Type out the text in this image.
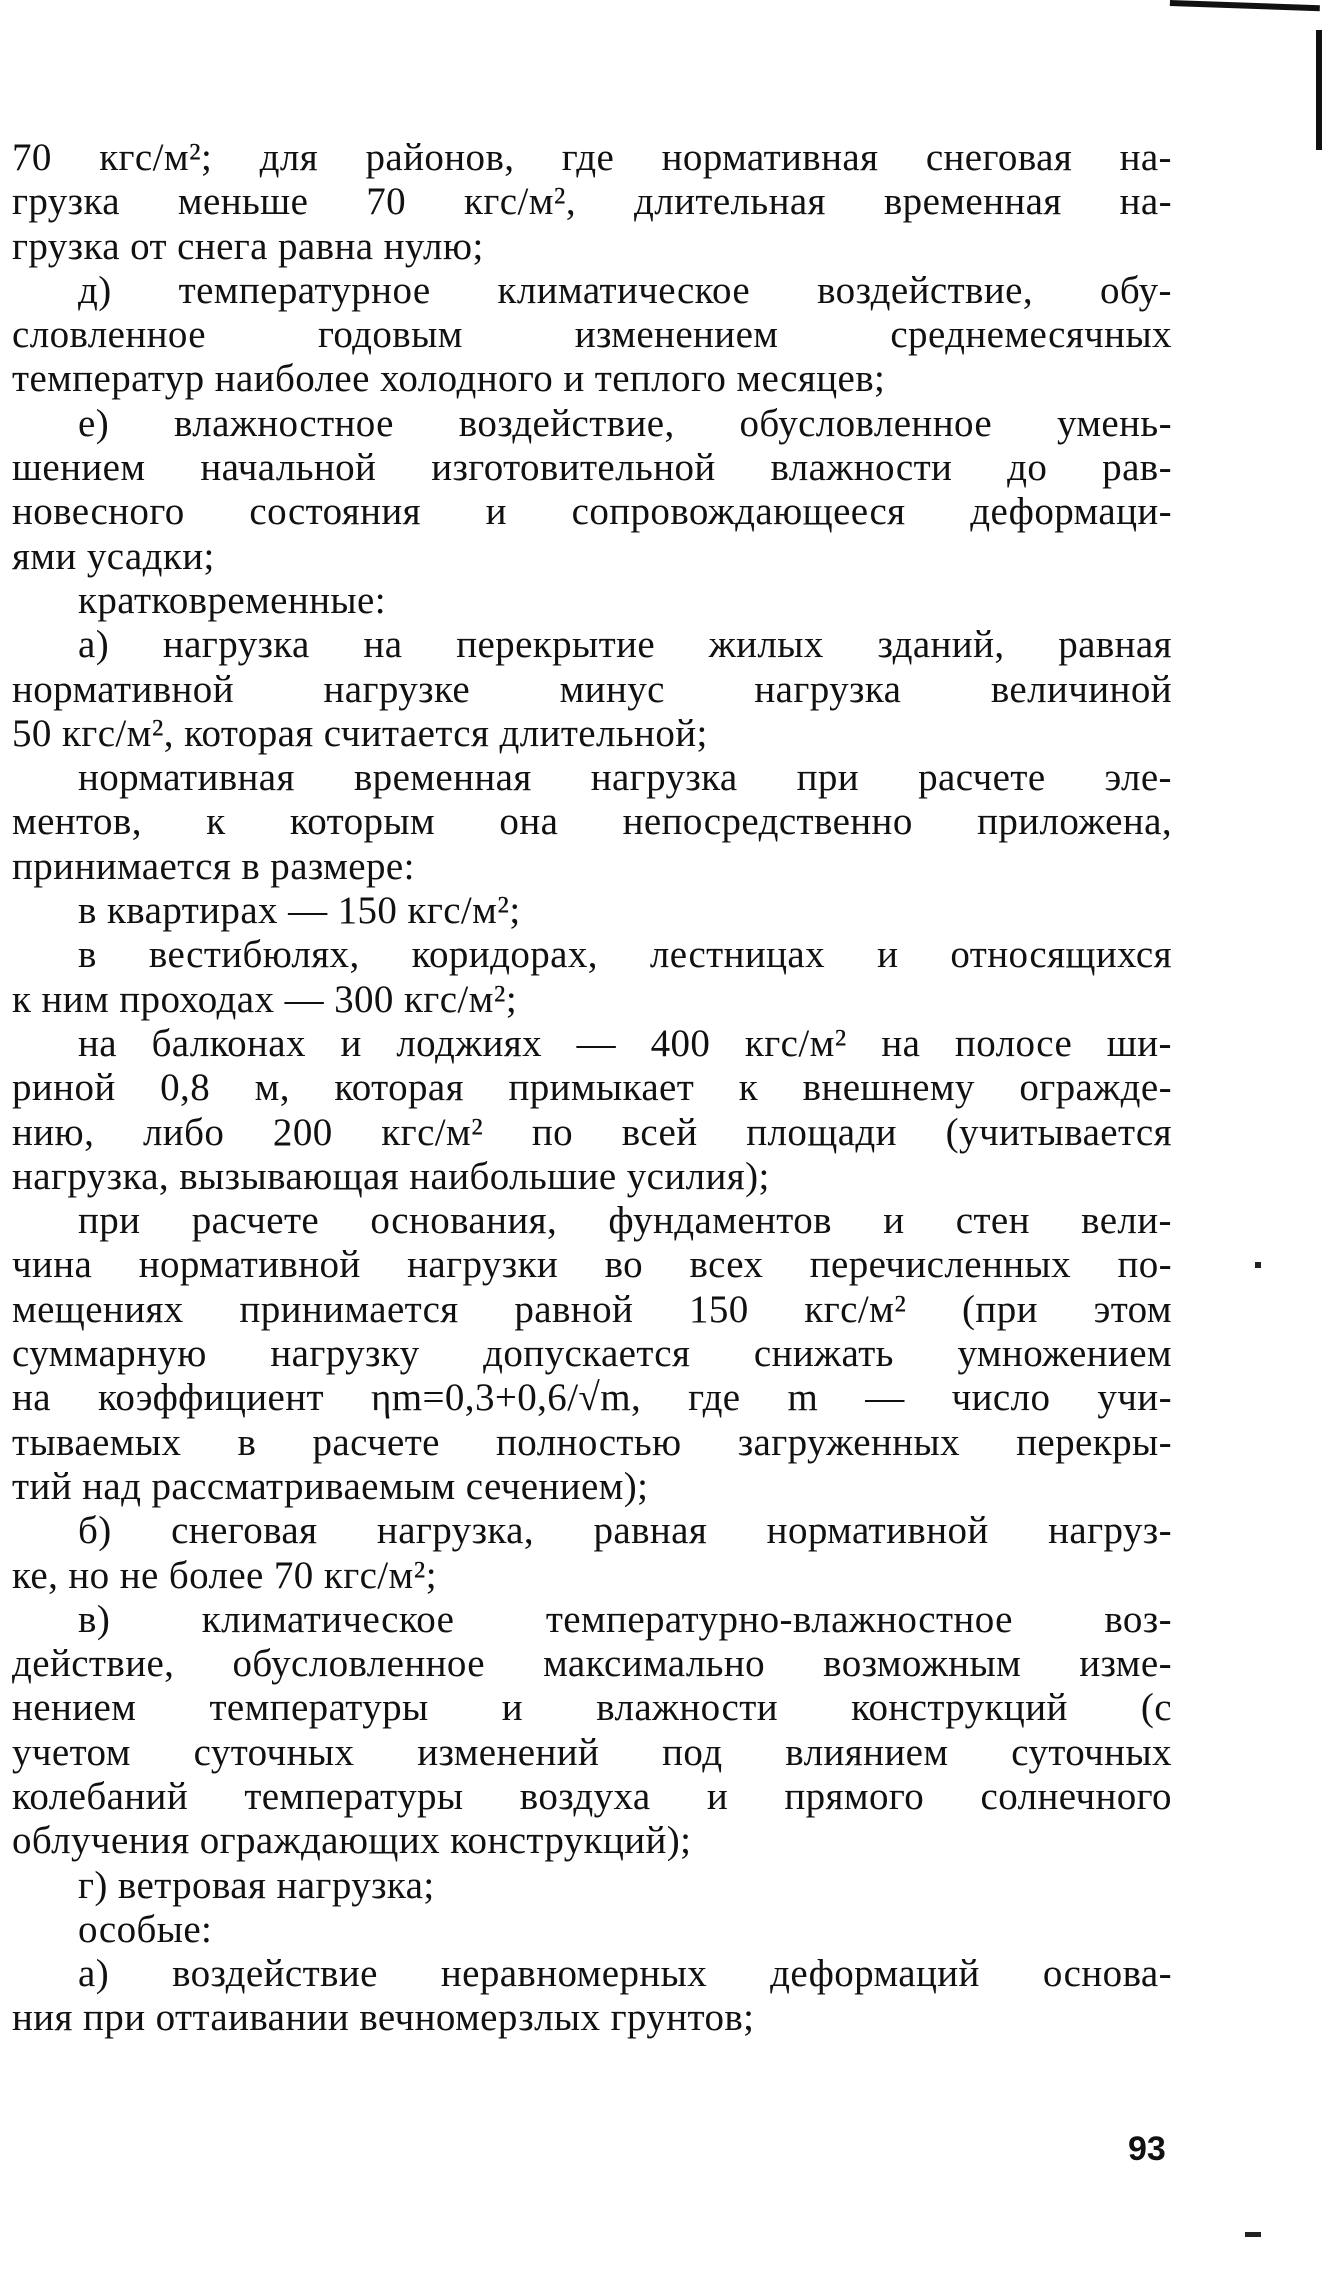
70 кгс/м²; для районов, где нормативная снеговая на-
грузка меньше 70 кгс/м², длительная временная на-
грузка от снега равна нулю;
д) температурное климатическое воздействие, обу-
словленное	годовым	изменением	среднемесячных
температур наиболее холодного и теплого месяцев;
е) влажностное воздействие, обусловленное умень-
шением начальной изготовительной влажности до рав-
новесного состояния и сопровождающееся деформаци-
ями усадки;
кратковременные:
а) нагрузка на перекрытие жилых зданий, равная
нормативной нагрузке минус нагрузка величиной
50 кгс/м², которая считается длительной;
нормативная временная нагрузка при расчете эле-
ментов, к которым она непосредственно приложена,
принимается в размере:
в квартирах — 150 кгс/м²;
в вестибюлях, коридорах, лестницах и относящихся
к ним проходах — 300 кгс/м²;
на балконах и лоджиях — 400 кгс/м² на полосе ши-
риной 0,8 м, которая примыкает к внешнему огражде-
нию, либо 200 кгс/м² по всей площади (учитывается
нагрузка, вызывающая наибольшие усилия);
при расчете основания, фундаментов и стен вели-
чина нормативной нагрузки во всех перечисленных по-
мещениях принимается равной 150 кгс/м² (при этом
суммарную нагрузку допускается снижать умножением
на коэффициент ηm=0,3+0,6/√m, где m — число учи-
тываемых в расчете полностью загруженных перекры-
тий над рассматриваемым сечением);
б) снеговая нагрузка, равная нормативной нагруз-
ке, но не более 70 кгс/м²;
в) климатическое температурно-влажностное воз-
действие, обусловленное максимально возможным изме-
нением температуры и влажности конструкций (с
учетом суточных изменений под влиянием суточных
колебаний температуры воздуха и прямого солнечного
облучения ограждающих конструкций);
г) ветровая нагрузка;
особые:
а) воздействие неравномерных деформаций основа-
ния при оттаивании вечномерзлых грунтов;
93
